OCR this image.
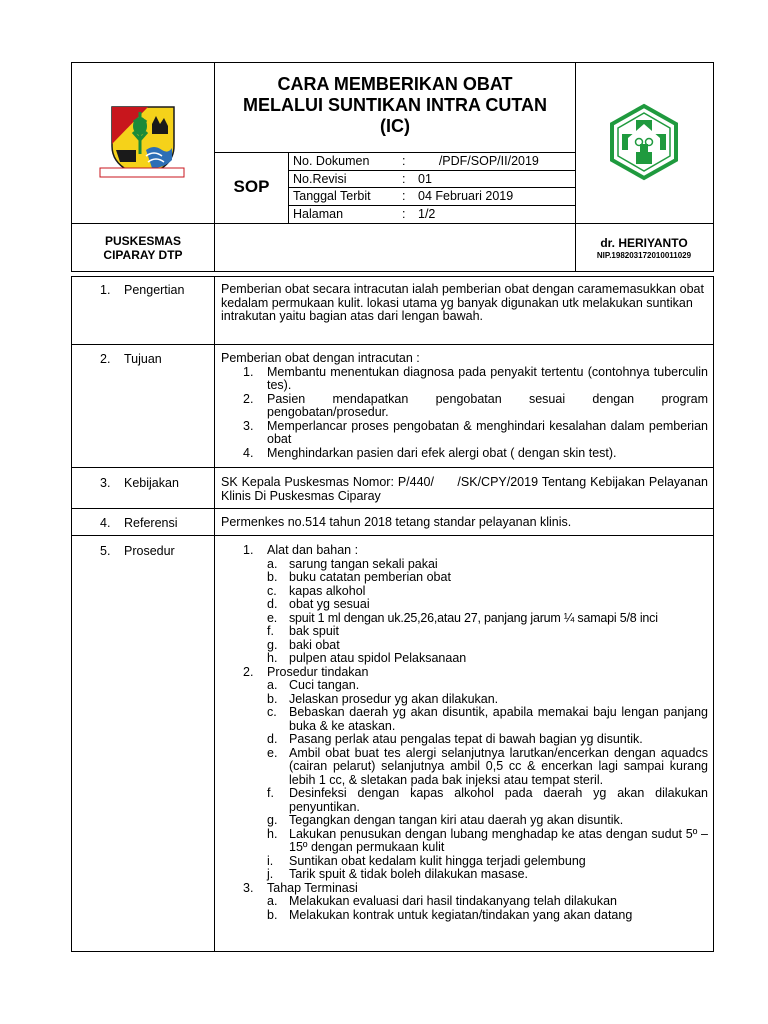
CARA MEMBERIKAN OBAT
MELALUI SUNTIKAN INTRA CUTAN
(IC)
SOP
No. Dokumen	: /PDF/SOP/II/2019
No.Revisi	: 01
Tanggal Terbit	: 04 Februari 2019
Halaman	: 1/2
PUSKESMAS
CIPARAY DTP
dr. HERIYANTO
NIP.198203172010011029
1. Pengertian	Pemberian obat secara intracutan ialah pemberian obat dengan caramemasukkan obat kedalam permukaan kulit. lokasi utama yg banyak digunakan utk melakukan suntikan intrakutan yaitu bagian atas dari lengan bawah.
2. Tujuan	Pemberian obat dengan intracutan :
1. Membantu menentukan diagnosa pada penyakit tertentu (contohnya tuberculin tes).
2. Pasien mendapatkan pengobatan sesuai dengan program pengobatan/prosedur.
3. Memperlancar proses pengobatan & menghindari kesalahan dalam pemberian obat
4. Menghindarkan pasien dari efek alergi obat ( dengan skin test).
3. Kebijakan	SK Kepala Puskesmas Nomor: P/440/      /SK/CPY/2019 Tentang Kebijakan Pelayanan Klinis Di Puskesmas Ciparay
4. Referensi	Permenkes no.514 tahun 2018 tetang standar pelayanan klinis.
5. Prosedur	1. Alat dan bahan :
a. sarung tangan sekali pakai
b. buku catatan pemberian obat
c. kapas alkohol
d. obat yg sesuai
e. spuit 1 ml dengan uk.25,26,atau 27, panjang jarum ¼ samapi 5/8 inci
f. bak spuit
g. baki obat
h. pulpen atau spidol Pelaksanaan
2. Prosedur tindakan
a. Cuci tangan.
b. Jelaskan prosedur yg akan dilakukan.
c. Bebaskan daerah yg akan disuntik, apabila memakai baju lengan panjang buka & ke ataskan.
d. Pasang perlak atau pengalas tepat di bawah bagian yg disuntik.
e. Ambil obat buat tes alergi selanjutnya larutkan/encerkan dengan aquadcs (cairan pelarut) selanjutnya ambil 0,5 cc & encerkan lagi sampai kurang lebih 1 cc, & sletakan pada bak injeksi atau tempat steril.
f. Desinfeksi dengan kapas alkohol pada daerah yg akan dilakukan penyuntikan.
g. Tegangkan dengan tangan kiri atau daerah yg akan disuntik.
h. Lakukan penusukan dengan lubang menghadap ke atas dengan sudut 5º – 15º dengan permukaan kulit
i. Suntikan obat kedalam kulit hingga terjadi gelembung
j. Tarik spuit & tidak boleh dilakukan masase.
3. Tahap Terminasi
a. Melakukan evaluasi dari hasil tindakanyang telah dilakukan
b. Melakukan kontrak untuk kegiatan/tindakan yang akan datang
